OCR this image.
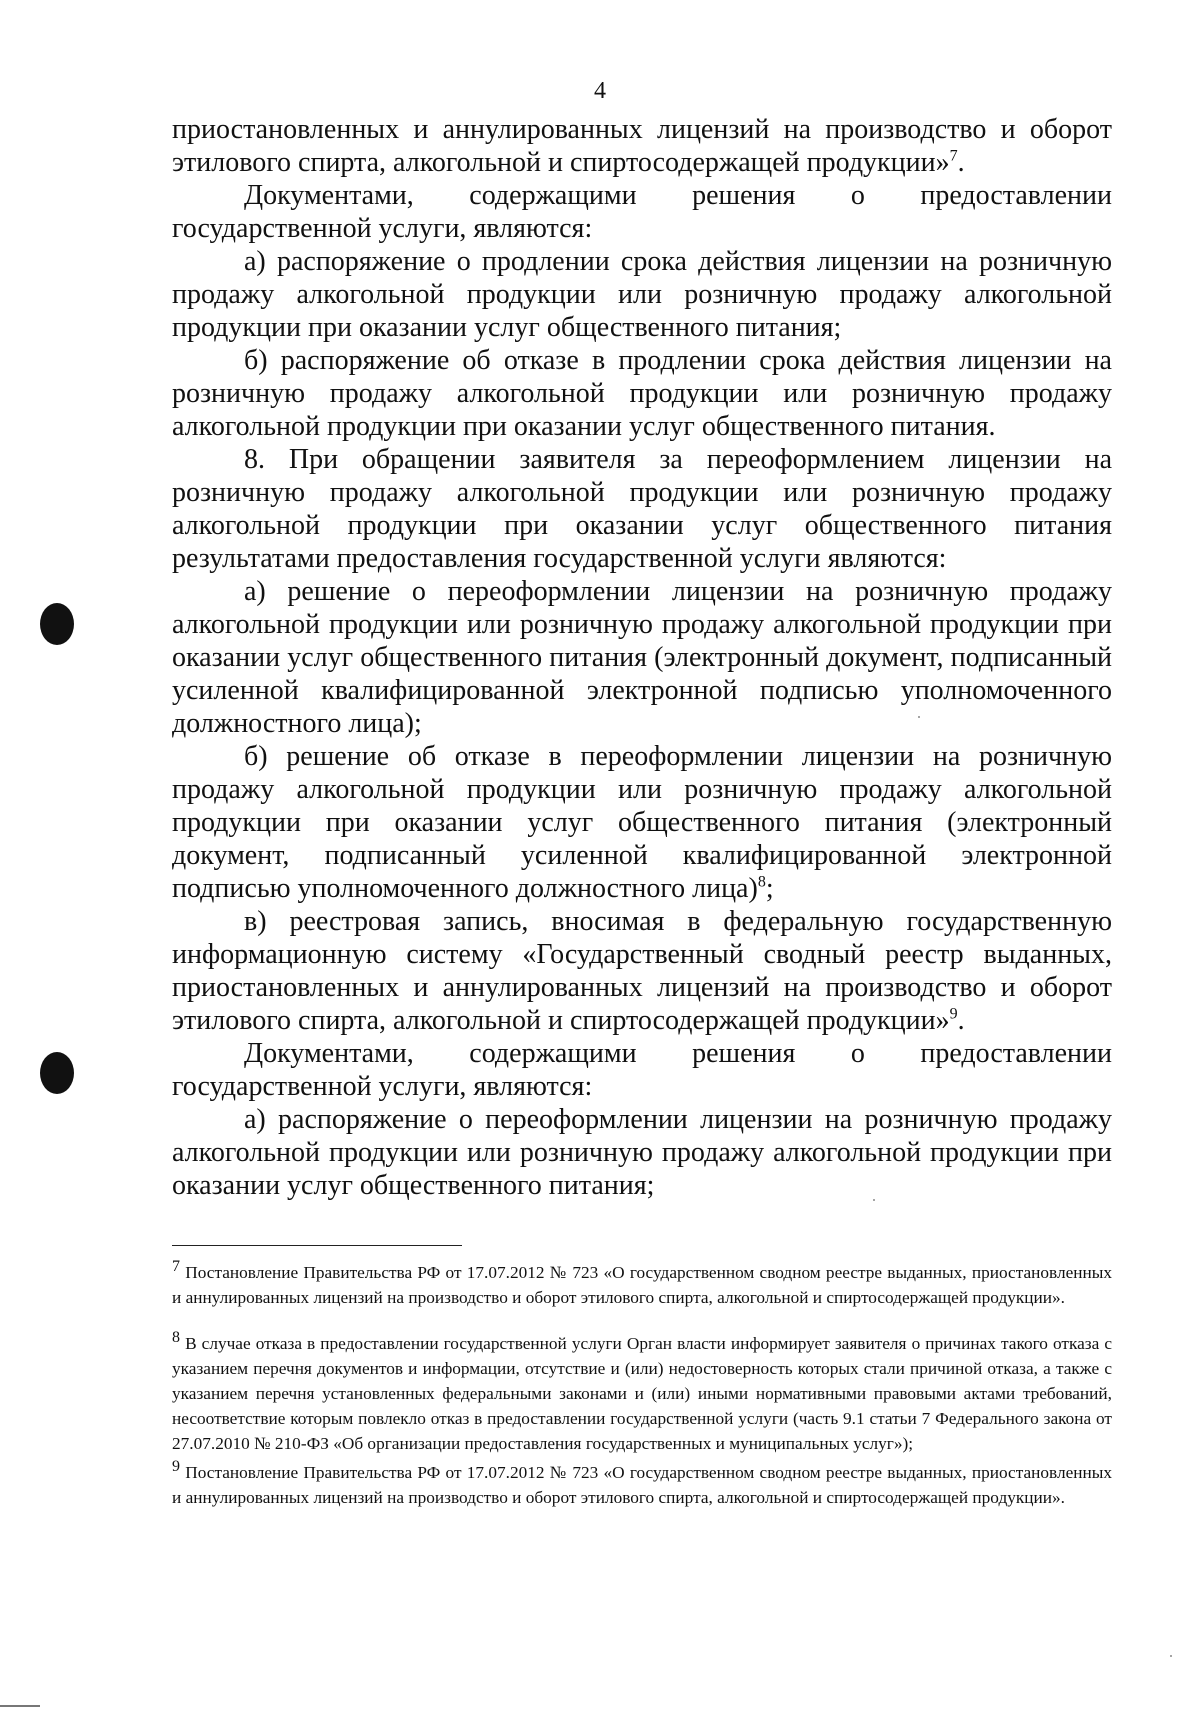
4

приостановленных и аннулированных лицензий на производство и оборот этилового спирта, алкогольной и спиртосодержащей продукции»$^7$.

Документами, содержащими решения о предоставлении государственной услуги, являются:

а) распоряжение о продлении срока действия лицензии на розничную продажу алкогольной продукции или розничную продажу алкогольной продукции при оказании услуг общественного питания;

б) распоряжение об отказе в продлении срока действия лицензии на розничную продажу алкогольной продукции или розничную продажу алкогольной продукции при оказании услуг общественного питания.

8. При обращении заявителя за переоформлением лицензии на розничную продажу алкогольной продукции или розничную продажу алкогольной продукции при оказании услуг общественного питания результатами предоставления государственной услуги являются:

а) решение о переоформлении лицензии на розничную продажу алкогольной продукции или розничную продажу алкогольной продукции при оказании услуг общественного питания (электронный документ, подписанный усиленной квалифицированной электронной подписью уполномоченного должностного лица);

б) решение об отказе в переоформлении лицензии на розничную продажу алкогольной продукции или розничную продажу алкогольной продукции при оказании услуг общественного питания (электронный документ, подписанный усиленной квалифицированной электронной подписью уполномоченного должностного лица)$^8$;

в) реестровая запись, вносимая в федеральную государственную информационную систему «Государственный сводный реестр выданных, приостановленных и аннулированных лицензий на производство и оборот этилового спирта, алкогольной и спиртосодержащей продукции»$^9$.

Документами, содержащими решения о предоставлении государственной услуги, являются:

а) распоряжение о переоформлении лицензии на розничную продажу алкогольной продукции или розничную продажу алкогольной продукции при оказании услуг общественного питания;

$^7$ Постановление Правительства РФ от 17.07.2012 № 723 «О государственном сводном реестре выданных, приостановленных и аннулированных лицензий на производство и оборот этилового спирта, алкогольной и спиртосодержащей продукции».

$^8$ В случае отказа в предоставлении государственной услуги Орган власти информирует заявителя о причинах такого отказа с указанием перечня документов и информации, отсутствие и (или) недостоверность которых стали причиной отказа, а также с указанием перечня установленных федеральными законами и (или) иными нормативными правовыми актами требований, несоответствие которым повлекло отказ в предоставлении государственной услуги (часть 9.1 статьи 7 Федерального закона от 27.07.2010 № 210-ФЗ «Об организации предоставления государственных и муниципальных услуг»);

$^9$ Постановление Правительства РФ от 17.07.2012 № 723 «О государственном сводном реестре выданных, приостановленных и аннулированных лицензий на производство и оборот этилового спирта, алкогольной и спиртосодержащей продукции».
